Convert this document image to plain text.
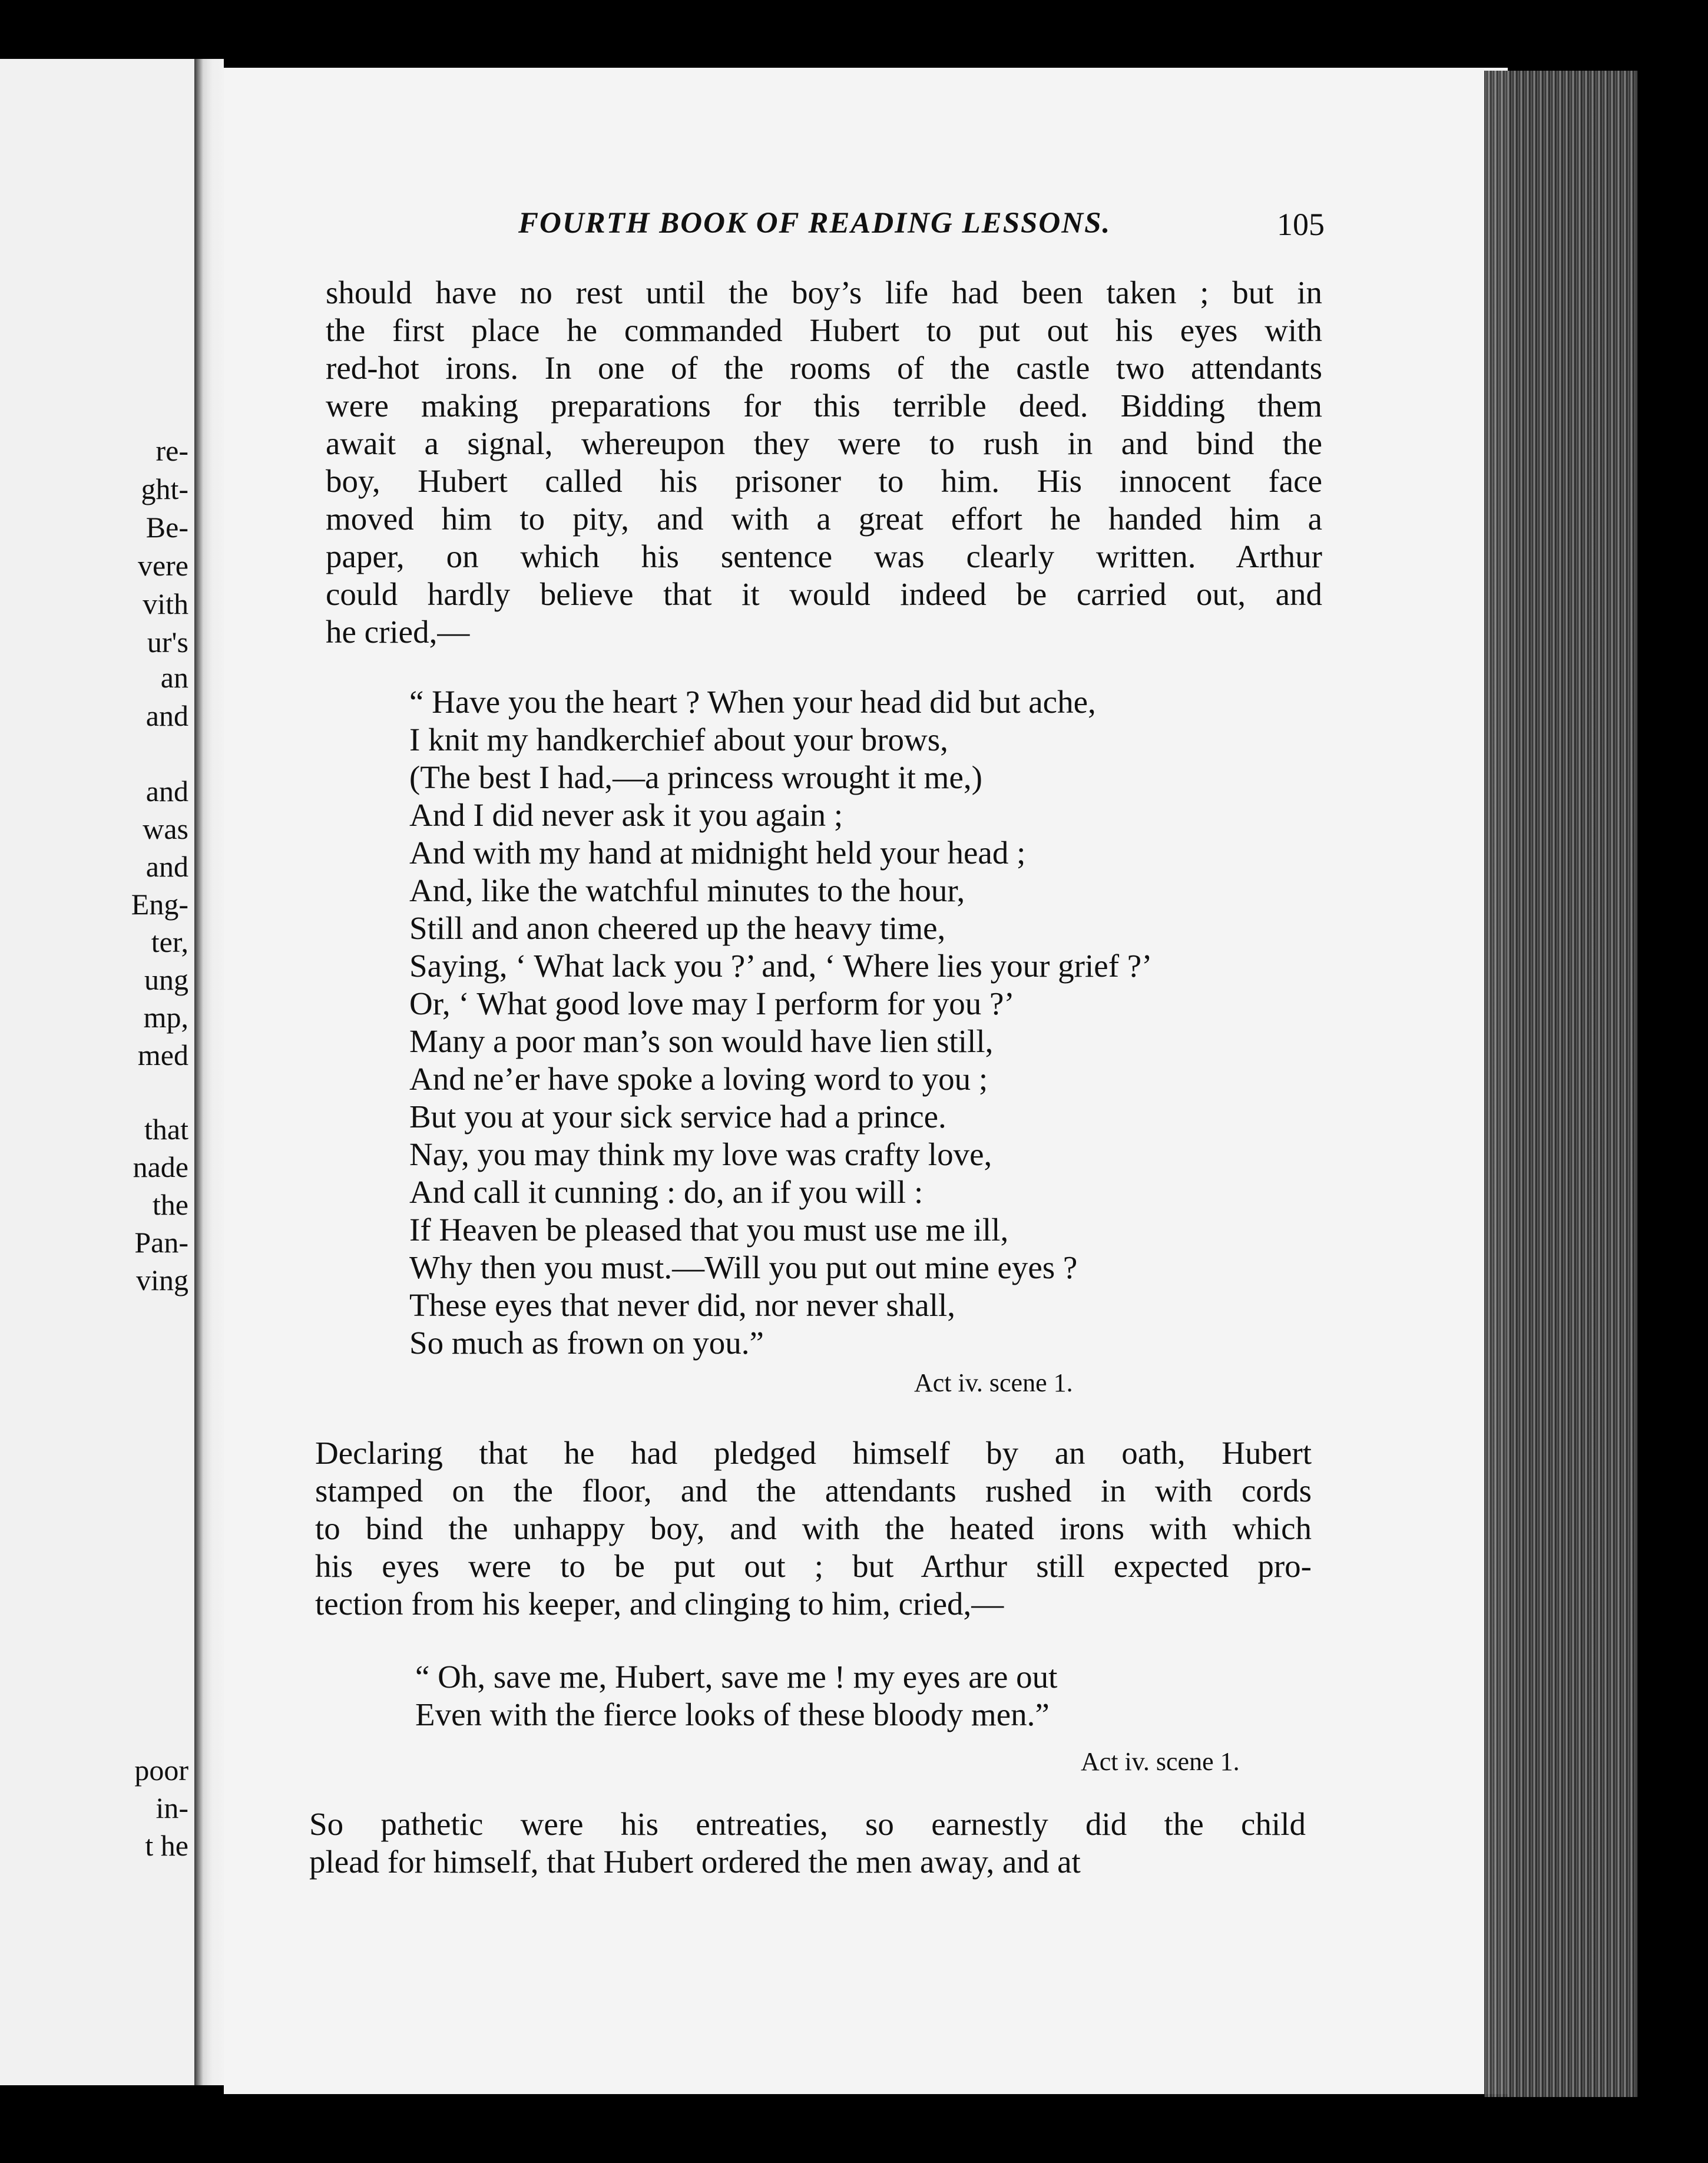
re-
ght-
Be-
vere
vith
ur's
an
and
and
was
and
Eng-
ter,
ung
mp,
med
that
nade
the
Pan-
ving
poor
in-
t he
FOURTH BOOK OF READING LESSONS.	105
should have no rest until the boy’s life had been taken ; but in
the first place he commanded Hubert to put out his eyes with
red-hot irons. In one of the rooms of the castle two attendants
were making preparations for this terrible deed. Bidding them
await a signal, whereupon they were to rush in and bind the
boy, Hubert called his prisoner to him. His innocent face
moved him to pity, and with a great effort he handed him a
paper, on which his sentence was clearly written. Arthur
could hardly believe that it would indeed be carried out, and
he cried,—
“ Have you the heart ? When your head did but ache,
I knit my handkerchief about your brows,
(The best I had,—a princess wrought it me,)
And I did never ask it you again ;
And with my hand at midnight held your head ;
And, like the watchful minutes to the hour,
Still and anon cheered up the heavy time,
Saying, ‘ What lack you ?’ and, ‘ Where lies your grief ?’
Or, ‘ What good love may I perform for you ?’
Many a poor man’s son would have lien still,
And ne’er have spoke a loving word to you ;
But you at your sick service had a prince.
Nay, you may think my love was crafty love,
And call it cunning : do, an if you will :
If Heaven be pleased that you must use me ill,
Why then you must.—Will you put out mine eyes ?
These eyes that never did, nor never shall,
So much as frown on you.”
Act iv. scene 1.
Declaring that he had pledged himself by an oath, Hubert
stamped on the floor, and the attendants rushed in with cords
to bind the unhappy boy, and with the heated irons with which
his eyes were to be put out ; but Arthur still expected pro-
tection from his keeper, and clinging to him, cried,—
“ Oh, save me, Hubert, save me ! my eyes are out
Even with the fierce looks of these bloody men.”
Act iv. scene 1.
So pathetic were his entreaties, so earnestly did the child
plead for himself, that Hubert ordered the men away, and at
